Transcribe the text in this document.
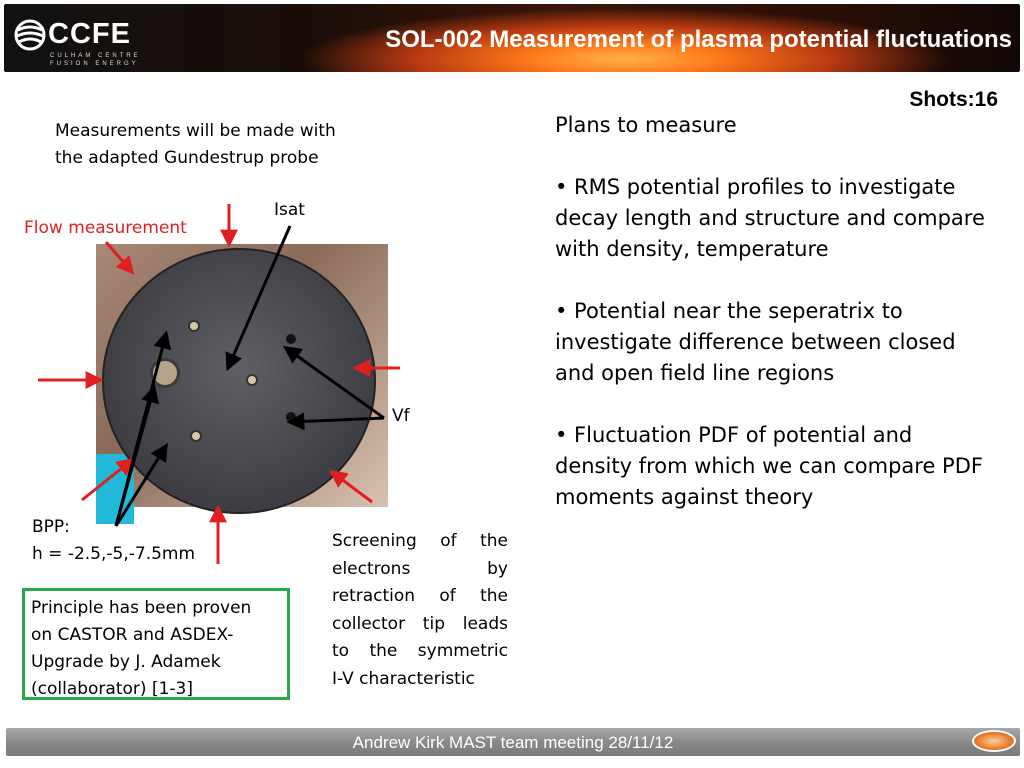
CCFE
CULHAM CENTRE
FUSION ENERGY
SOL-002 Measurement of plasma potential fluctuations
Shots:16
Measurements will be made with
the adapted Gundestrup probe
Flow measurement
Isat
Vf
BPP:
h = -2.5,-5,-7.5mm
Screening of the
electrons by
retraction of the
collector tip leads
to the symmetric
I-V characteristic
Principle has been proven
on CASTOR and ASDEX-
Upgrade by J. Adamek
(collaborator) [1-3]

Plans to measure

• RMS potential profiles to investigate decay length and structure and compare with density, temperature

• Potential near the seperatrix to investigate difference between closed and open field line regions

• Fluctuation PDF of potential and density from which we can compare PDF moments against theory

Andrew Kirk MAST team meeting 28/11/12
